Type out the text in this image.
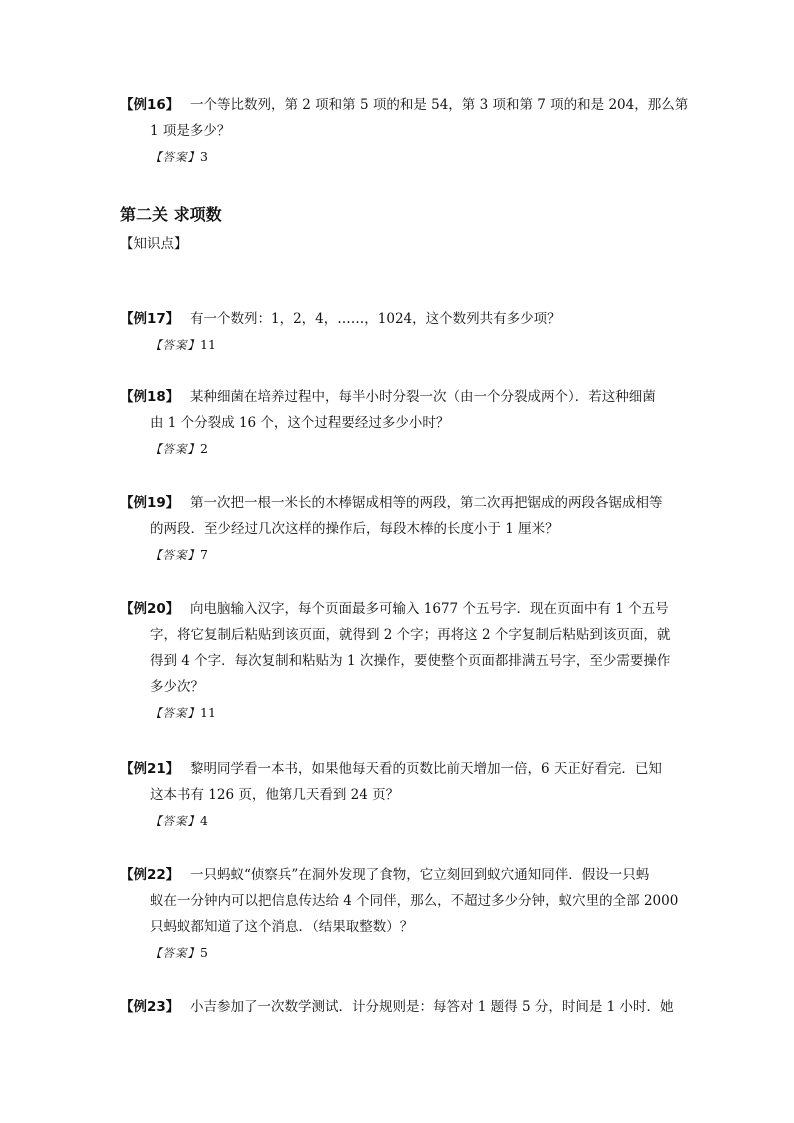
【例16】 一个等比数列，第 2 项和第 5 项的和是 54，第 3 项和第 7 项的和是 204，那么第
1 项是多少？
【答案】3
第二关 求项数
【知识点】
【例17】 有一个数列：1，2，4，……，1024，这个数列共有多少项？
【答案】11
【例18】 某种细菌在培养过程中，每半小时分裂一次（由一个分裂成两个）．若这种细菌
由 1 个分裂成 16 个，这个过程要经过多少小时？
【答案】2
【例19】 第一次把一根一米长的木棒锯成相等的两段，第二次再把锯成的两段各锯成相等
的两段．至少经过几次这样的操作后，每段木棒的长度小于 1 厘米？
【答案】7
【例20】 向电脑输入汉字，每个页面最多可输入 1677 个五号字．现在页面中有 1 个五号
字，将它复制后粘贴到该页面，就得到 2 个字；再将这 2 个字复制后粘贴到该页面，就
得到 4 个字．每次复制和粘贴为 1 次操作，要使整个页面都排满五号字，至少需要操作
多少次？
【答案】11
【例21】 黎明同学看一本书，如果他每天看的页数比前天增加一倍，6 天正好看完．已知
这本书有 126 页，他第几天看到 24 页？
【答案】4
【例22】 一只蚂蚁“侦察兵”在洞外发现了食物，它立刻回到蚁穴通知同伴．假设一只蚂
蚁在一分钟内可以把信息传达给 4 个同伴，那么，不超过多少分钟，蚁穴里的全部 2000
只蚂蚁都知道了这个消息．（结果取整数）？
【答案】5
【例23】 小吉参加了一次数学测试．计分规则是：每答对 1 题得 5 分，时间是 1 小时．她
